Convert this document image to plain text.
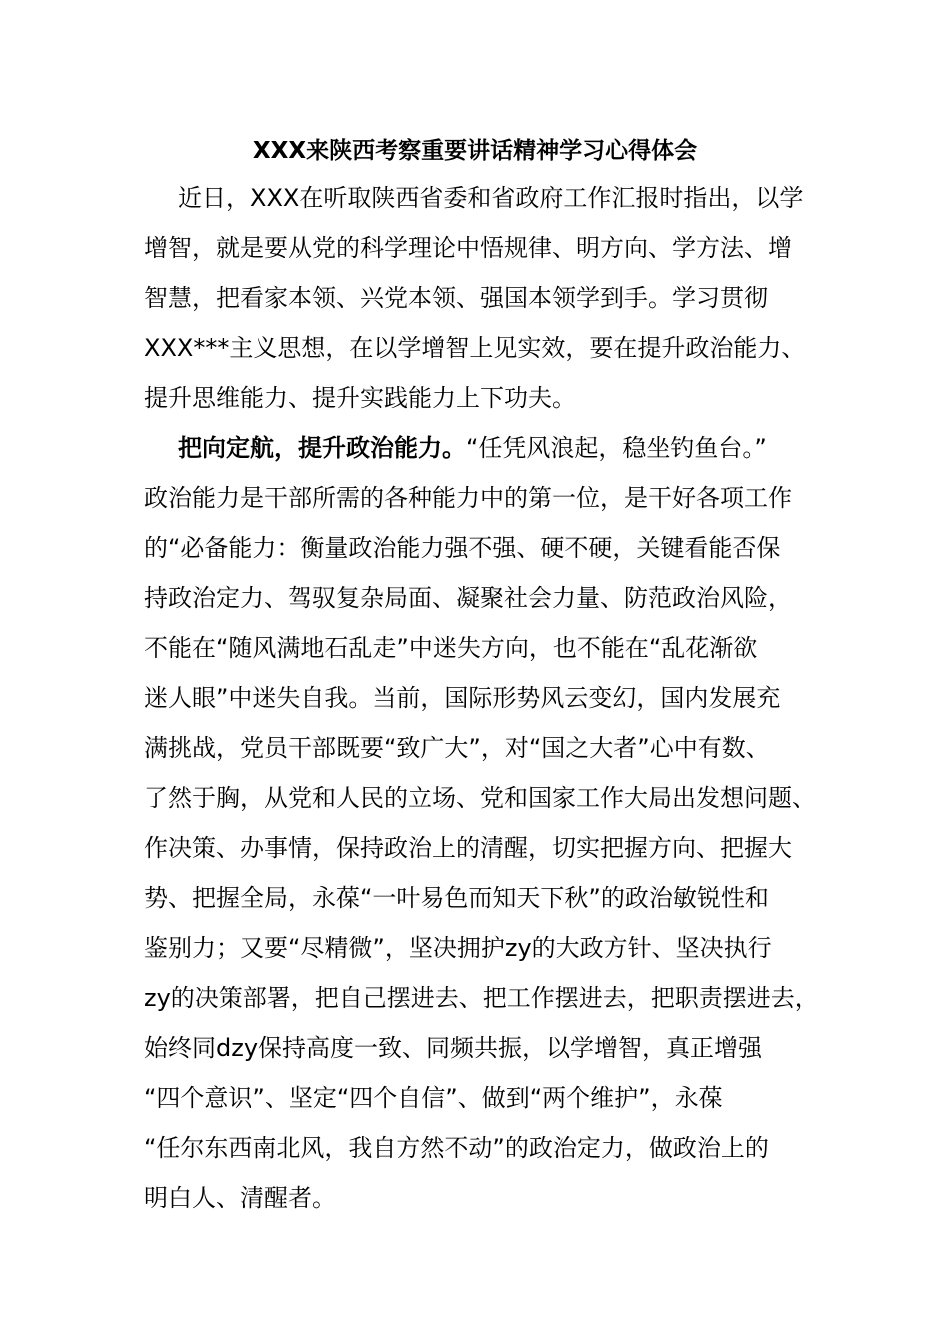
XXX来陕西考察重要讲话精神学习心得体会
近日，XXX在听取陕西省委和省政府工作汇报时指出，以学
增智，就是要从党的科学理论中悟规律、明方向、学方法、增
智慧，把看家本领、兴党本领、强国本领学到手。学习贯彻
XXX***主义思想，在以学增智上见实效，要在提升政治能力、
提升思维能力、提升实践能力上下功夫。
把向定航，提升政治能力。“任凭风浪起，稳坐钓鱼台。”
政治能力是干部所需的各种能力中的第一位，是干好各项工作
的“必备能力：衡量政治能力强不强、硬不硬，关键看能否保
持政治定力、驾驭复杂局面、凝聚社会力量、防范政治风险，
不能在“随风满地石乱走”中迷失方向，也不能在“乱花渐欲
迷人眼”中迷失自我。当前，国际形势风云变幻，国内发展充
满挑战，党员干部既要“致广大”，对“国之大者”心中有数、
了然于胸，从党和人民的立场、党和国家工作大局出发想问题、
作决策、办事情，保持政治上的清醒，切实把握方向、把握大
势、把握全局，永葆“一叶易色而知天下秋”的政治敏锐性和
鉴别力；又要“尽精微”，坚决拥护zy的大政方针、坚决执行
zy的决策部署，把自己摆进去、把工作摆进去，把职责摆进去，
始终同dzy保持高度一致、同频共振，以学增智，真正增强
“四个意识”、坚定“四个自信”、做到“两个维护”，永葆
“任尔东西南北风，我自方然不动”的政治定力，做政治上的
明白人、清醒者。
